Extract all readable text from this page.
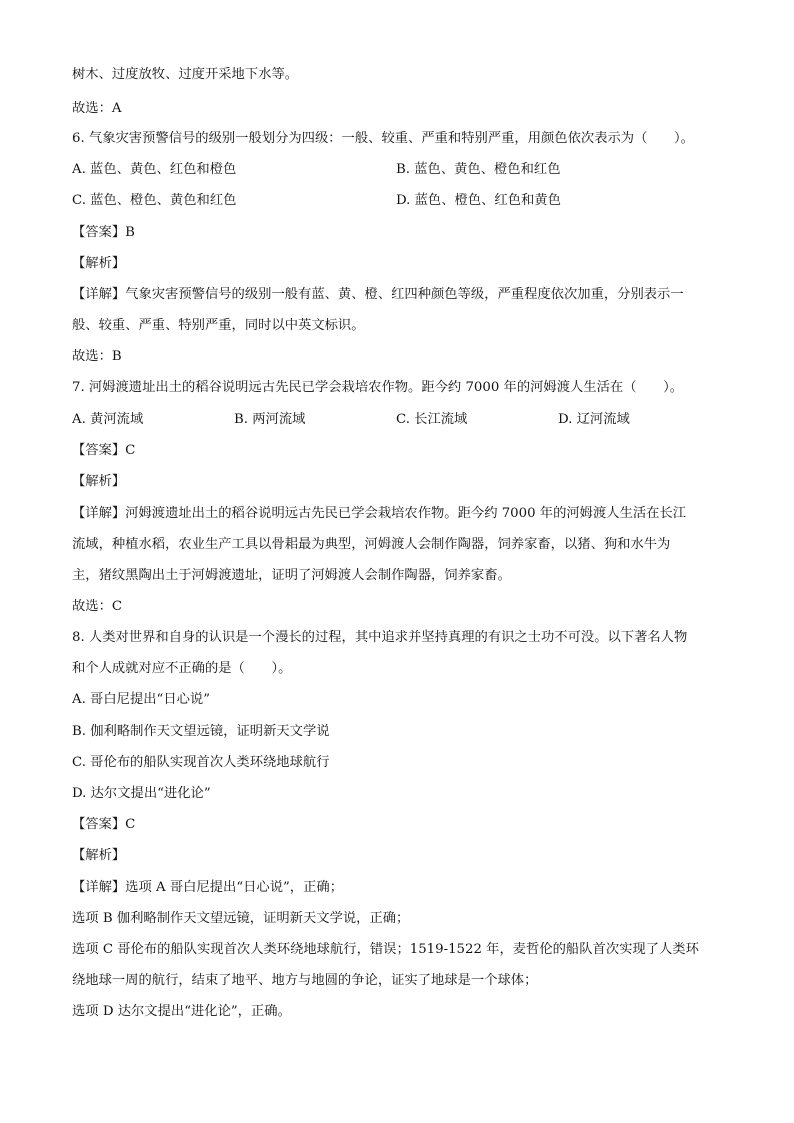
树木、过度放牧、过度开采地下水等。
故选：A
6. 气象灾害预警信号的级别一般划分为四级：一般、较重、严重和特别严重，用颜色依次表示为（　　）。
A. 蓝色、黄色、红色和橙色	B. 蓝色、黄色、橙色和红色
C. 蓝色、橙色、黄色和红色	D. 蓝色、橙色、红色和黄色
【答案】B
【解析】
【详解】气象灾害预警信号的级别一般有蓝、黄、橙、红四种颜色等级，严重程度依次加重，分别表示一
般、较重、严重、特别严重，同时以中英文标识。
故选：B
7. 河姆渡遗址出土的稻谷说明远古先民已学会栽培农作物。距今约 7000 年的河姆渡人生活在（　　）。
A. 黄河流域	B. 两河流域	C. 长江流域	D. 辽河流域
【答案】C
【解析】
【详解】河姆渡遗址出土的稻谷说明远古先民已学会栽培农作物。距今约 7000 年的河姆渡人生活在长江
流域，种植水稻，农业生产工具以骨耜最为典型，河姆渡人会制作陶器，饲养家畜，以猪、狗和水牛为
主，猪纹黑陶出土于河姆渡遗址，证明了河姆渡人会制作陶器，饲养家畜。
故选：C
8. 人类对世界和自身的认识是一个漫长的过程，其中追求并坚持真理的有识之士功不可没。以下著名人物
和个人成就对应不正确的是（　　）。
A. 哥白尼提出“日心说”
B. 伽利略制作天文望远镜，证明新天文学说
C. 哥伦布的船队实现首次人类环绕地球航行
D. 达尔文提出“进化论”
【答案】C
【解析】
【详解】选项 A 哥白尼提出“日心说”，正确；
选项 B 伽利略制作天文望远镜，证明新天文学说，正确；
选项 C 哥伦布的船队实现首次人类环绕地球航行，错误；1519-1522 年，麦哲伦的船队首次实现了人类环
绕地球一周的航行，结束了地平、地方与地圆的争论，证实了地球是一个球体；
选项 D 达尔文提出“进化论”，正确。
